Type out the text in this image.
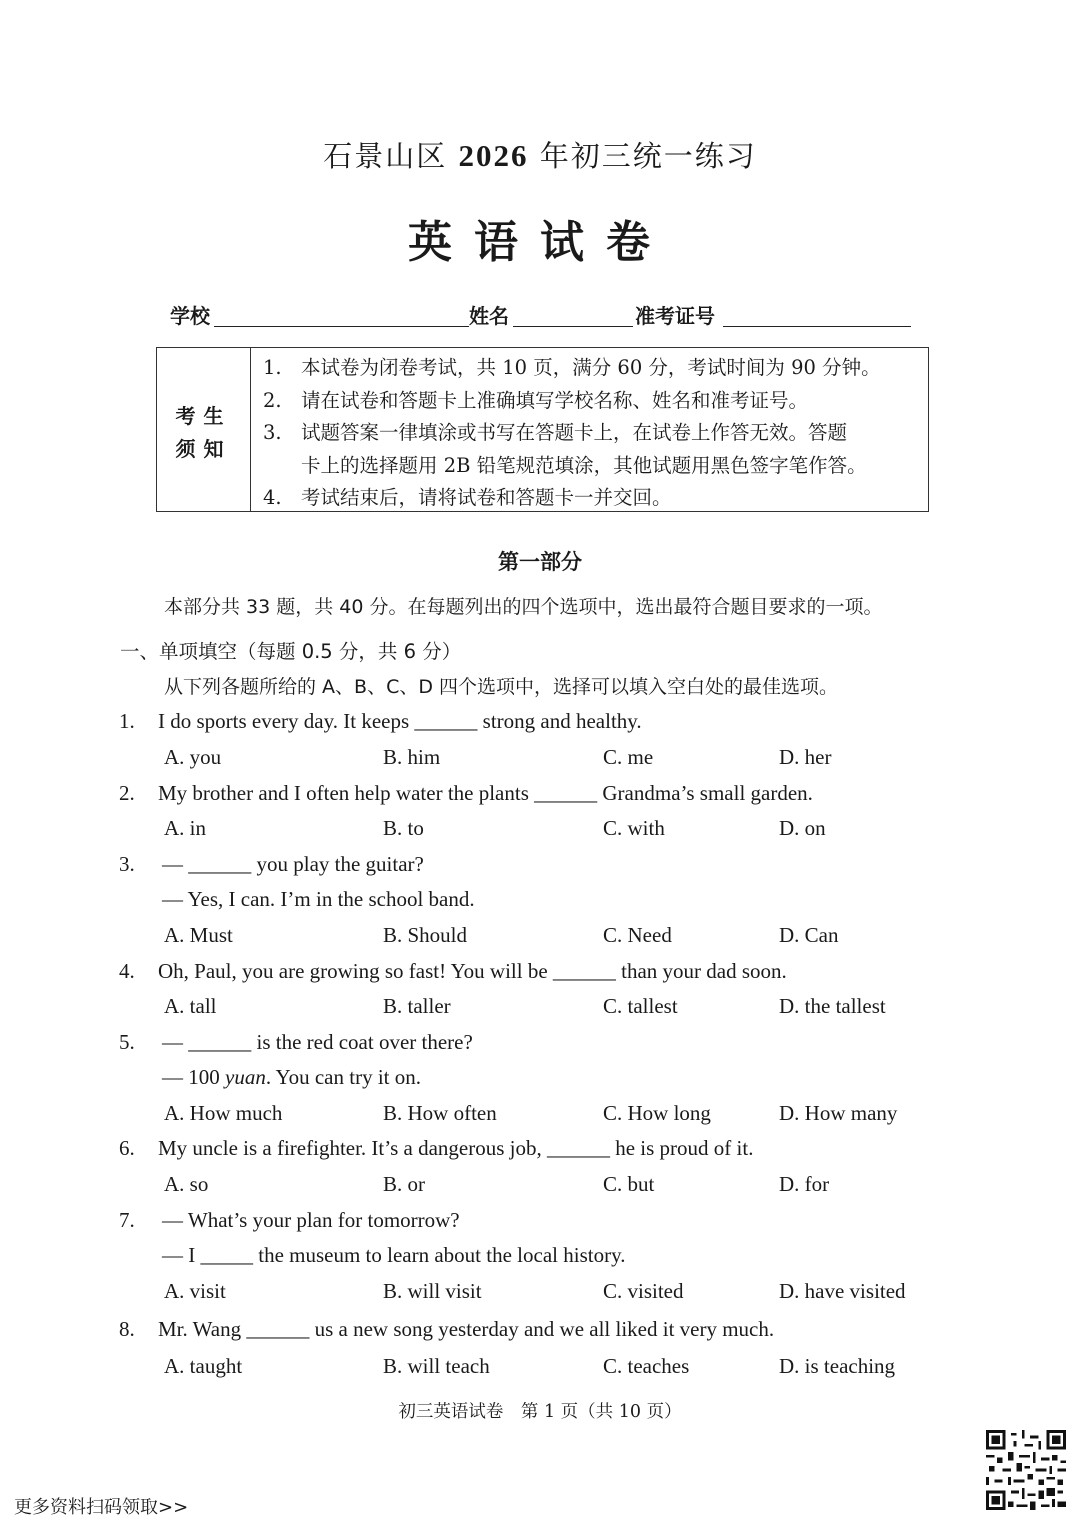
石景山区 2026 年初三统一练习
英语试卷
学校	姓名	准考证号
考生
须知
1. 本试卷为闭卷考试，共 10 页，满分 60 分，考试时间为 90 分钟。
2. 请在试卷和答题卡上准确填写学校名称、姓名和准考证号。
3. 试题答案一律填涂或书写在答题卡上，在试卷上作答无效。答题
卡上的选择题用 2B 铅笔规范填涂，其他试题用黑色签字笔作答。
4. 考试结束后，请将试卷和答题卡一并交回。
第一部分
本部分共 33 题，共 40 分。在每题列出的四个选项中，选出最符合题目要求的一项。
一、单项填空（每题 0.5 分，共 6 分）
从下列各题所给的 A、B、C、D 四个选项中，选择可以填入空白处的最佳选项。
1. I do sports every day. It keeps ______ strong and healthy.
A. you	B. him	C. me	D. her
2. My brother and I often help water the plants ______ Grandma’s small garden.
A. in	B. to	C. with	D. on
3. — ______ you play the guitar?
— Yes, I can. I’m in the school band.
A. Must	B. Should	C. Need	D. Can
4. Oh, Paul, you are growing so fast! You will be ______ than your dad soon.
A. tall	B. taller	C. tallest	D. the tallest
5. — ______ is the red coat over there?
— 100 yuan. You can try it on.
A. How much	B. How often	C. How long	D. How many
6. My uncle is a firefighter. It’s a dangerous job, ______ he is proud of it.
A. so	B. or	C. but	D. for
7. — What’s your plan for tomorrow?
— I _____ the museum to learn about the local history.
A. visit	B. will visit	C. visited	D. have visited
8. Mr. Wang ______ us a new song yesterday and we all liked it very much.
A. taught	B. will teach	C. teaches	D. is teaching
初三英语试卷　第 1 页（共 10 页）
更多资料扫码领取>>
